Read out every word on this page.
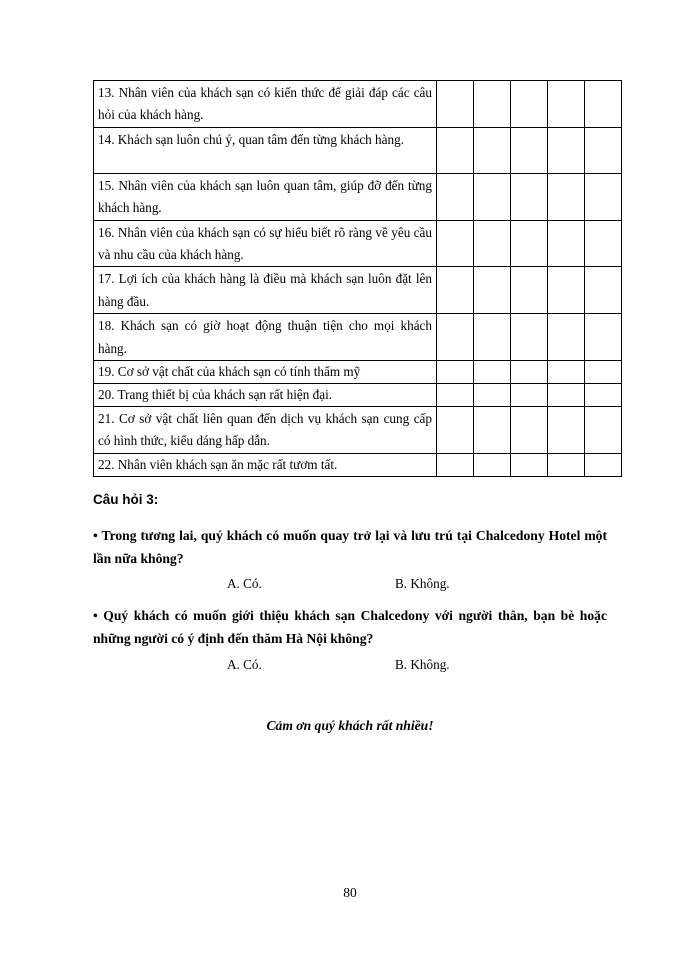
13. Nhân viên của khách sạn có kiến thức để giải đáp các câu hỏi của khách hàng.					
14. Khách sạn luôn chú ý, quan tâm đến từng khách hàng.					
15. Nhân viên của khách sạn luôn quan tâm, giúp đỡ đến từng khách hàng.					
16. Nhân viên của khách sạn có sự hiểu biết rõ ràng về yêu cầu và nhu cầu của khách hàng.					
17. Lợi ích của khách hàng là điều mà khách sạn luôn đặt lên hàng đầu.					
18. Khách sạn có giờ hoạt động thuận tiện cho mọi khách hàng.					
19. Cơ sở vật chất của khách sạn có tính thẩm mỹ					
20. Trang thiết bị của khách sạn rất hiện đại.					
21. Cơ sở vật chất liên quan đến dịch vụ khách sạn cung cấp có hình thức, kiểu dáng hấp dẫn.					
22. Nhân viên khách sạn ăn mặc rất tươm tất.					
Câu hỏi 3:
• Trong tương lai, quý khách có muốn quay trở lại và lưu trú tại Chalcedony Hotel một lần nữa không?
A. Có.	B. Không.
• Quý khách có muốn giới thiệu khách sạn Chalcedony với người thân, bạn bè hoặc những người có ý định đến thăm Hà Nội không?
A. Có.	B. Không.
Cảm ơn quý khách rất nhiều!
80
